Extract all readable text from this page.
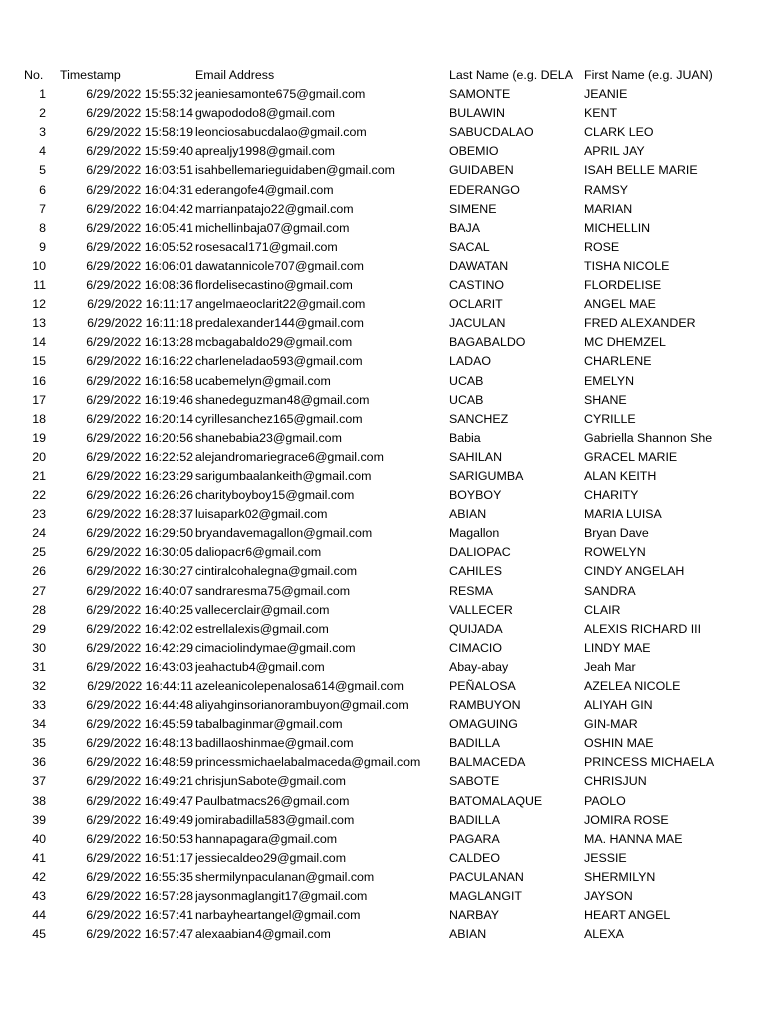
No. Timestamp	Email Address	Last Name (e.g. DELA First Name (e.g. JUAN)
1	6/29/2022 15:55:32 jeaniesamonte675@gmail.com	SAMONTE	JEANIE
2	6/29/2022 15:58:14 gwapododo8@gmail.com	BULAWIN	KENT
3	6/29/2022 15:58:19 leonciosabucdalao@gmail.com	SABUCDALAO	CLARK LEO
4	6/29/2022 15:59:40 aprealjy1998@gmail.com	OBEMIO	APRIL JAY
5	6/29/2022 16:03:51 isahbellemarieguidaben@gmail.com	GUIDABEN	ISAH BELLE MARIE
6	6/29/2022 16:04:31 ederangofe4@gmail.com	EDERANGO	RAMSY
7	6/29/2022 16:04:42 marrianpatajo22@gmail.com	SIMENE	MARIAN
8	6/29/2022 16:05:41 michellinbaja07@gmail.com	BAJA	MICHELLIN
9	6/29/2022 16:05:52 rosesacal171@gmail.com	SACAL	ROSE
10	6/29/2022 16:06:01 dawatannicole707@gmail.com	DAWATAN	TISHA NICOLE
11	6/29/2022 16:08:36 flordelisecastino@gmail.com	CASTINO	FLORDELISE
12	6/29/2022 16:11:17 angelmaeoclarit22@gmail.com	OCLARIT	ANGEL MAE
13	6/29/2022 16:11:18 predalexander144@gmail.com	JACULAN	FRED ALEXANDER
14	6/29/2022 16:13:28 mcbagabaldo29@gmail.com	BAGABALDO	MC DHEMZEL
15	6/29/2022 16:16:22 charleneladao593@gmail.com	LADAO	CHARLENE
16	6/29/2022 16:16:58 ucabemelyn@gmail.com	UCAB	EMELYN
17	6/29/2022 16:19:46 shanedeguzman48@gmail.com	UCAB	SHANE
18	6/29/2022 16:20:14 cyrillesanchez165@gmail.com	SANCHEZ	CYRILLE
19	6/29/2022 16:20:56 shanebabia23@gmail.com	Babia	Gabriella Shannon She
20	6/29/2022 16:22:52 alejandromariegrace6@gmail.com	SAHILAN	GRACEL MARIE
21	6/29/2022 16:23:29 sarigumbaalankeith@gmail.com	SARIGUMBA	ALAN KEITH
22	6/29/2022 16:26:26 charityboyboy15@gmail.com	BOYBOY	CHARITY
23	6/29/2022 16:28:37 luisapark02@gmail.com	ABIAN	MARIA LUISA
24	6/29/2022 16:29:50 bryandavemagallon@gmail.com	Magallon	Bryan Dave
25	6/29/2022 16:30:05 daliopacr6@gmail.com	DALIOPAC	ROWELYN
26	6/29/2022 16:30:27 cintiralcohalegna@gmail.com	CAHILES	CINDY ANGELAH
27	6/29/2022 16:40:07 sandraresma75@gmail.com	RESMA	SANDRA
28	6/29/2022 16:40:25 vallecerclair@gmail.com	VALLECER	CLAIR
29	6/29/2022 16:42:02 estrellalexis@gmail.com	QUIJADA	ALEXIS RICHARD III
30	6/29/2022 16:42:29 cimaciolindymae@gmail.com	CIMACIO	LINDY MAE
31	6/29/2022 16:43:03 jeahactub4@gmail.com	Abay-abay	Jeah Mar
32	6/29/2022 16:44:11 azeleanicolepenalosa614@gmail.com	PEÑALOSA	AZELEA NICOLE
33	6/29/2022 16:44:48 aliyahginsorianorambuyon@gmail.com	RAMBUYON	ALIYAH GIN
34	6/29/2022 16:45:59 tabalbaginmar@gmail.com	OMAGUING	GIN-MAR
35	6/29/2022 16:48:13 badillaoshinmae@gmail.com	BADILLA	OSHIN MAE
36	6/29/2022 16:48:59 princessmichaelabalmaceda@gmail.com	BALMACEDA	PRINCESS MICHAELA
37	6/29/2022 16:49:21 chrisjunSabote@gmail.com	SABOTE	CHRISJUN
38	6/29/2022 16:49:47 Paulbatmacs26@gmail.com	BATOMALAQUE	PAOLO
39	6/29/2022 16:49:49 jomirabadilla583@gmail.com	BADILLA	JOMIRA ROSE
40	6/29/2022 16:50:53 hannapagara@gmail.com	PAGARA	MA. HANNA MAE
41	6/29/2022 16:51:17 jessiecaldeo29@gmail.com	CALDEO	JESSIE
42	6/29/2022 16:55:35 shermilynpaculanan@gmail.com	PACULANAN	SHERMILYN
43	6/29/2022 16:57:28 jaysonmaglangit17@gmail.com	MAGLANGIT	JAYSON
44	6/29/2022 16:57:41 narbayheartangel@gmail.com	NARBAY	HEART ANGEL
45	6/29/2022 16:57:47 alexaabian4@gmail.com	ABIAN	ALEXA
